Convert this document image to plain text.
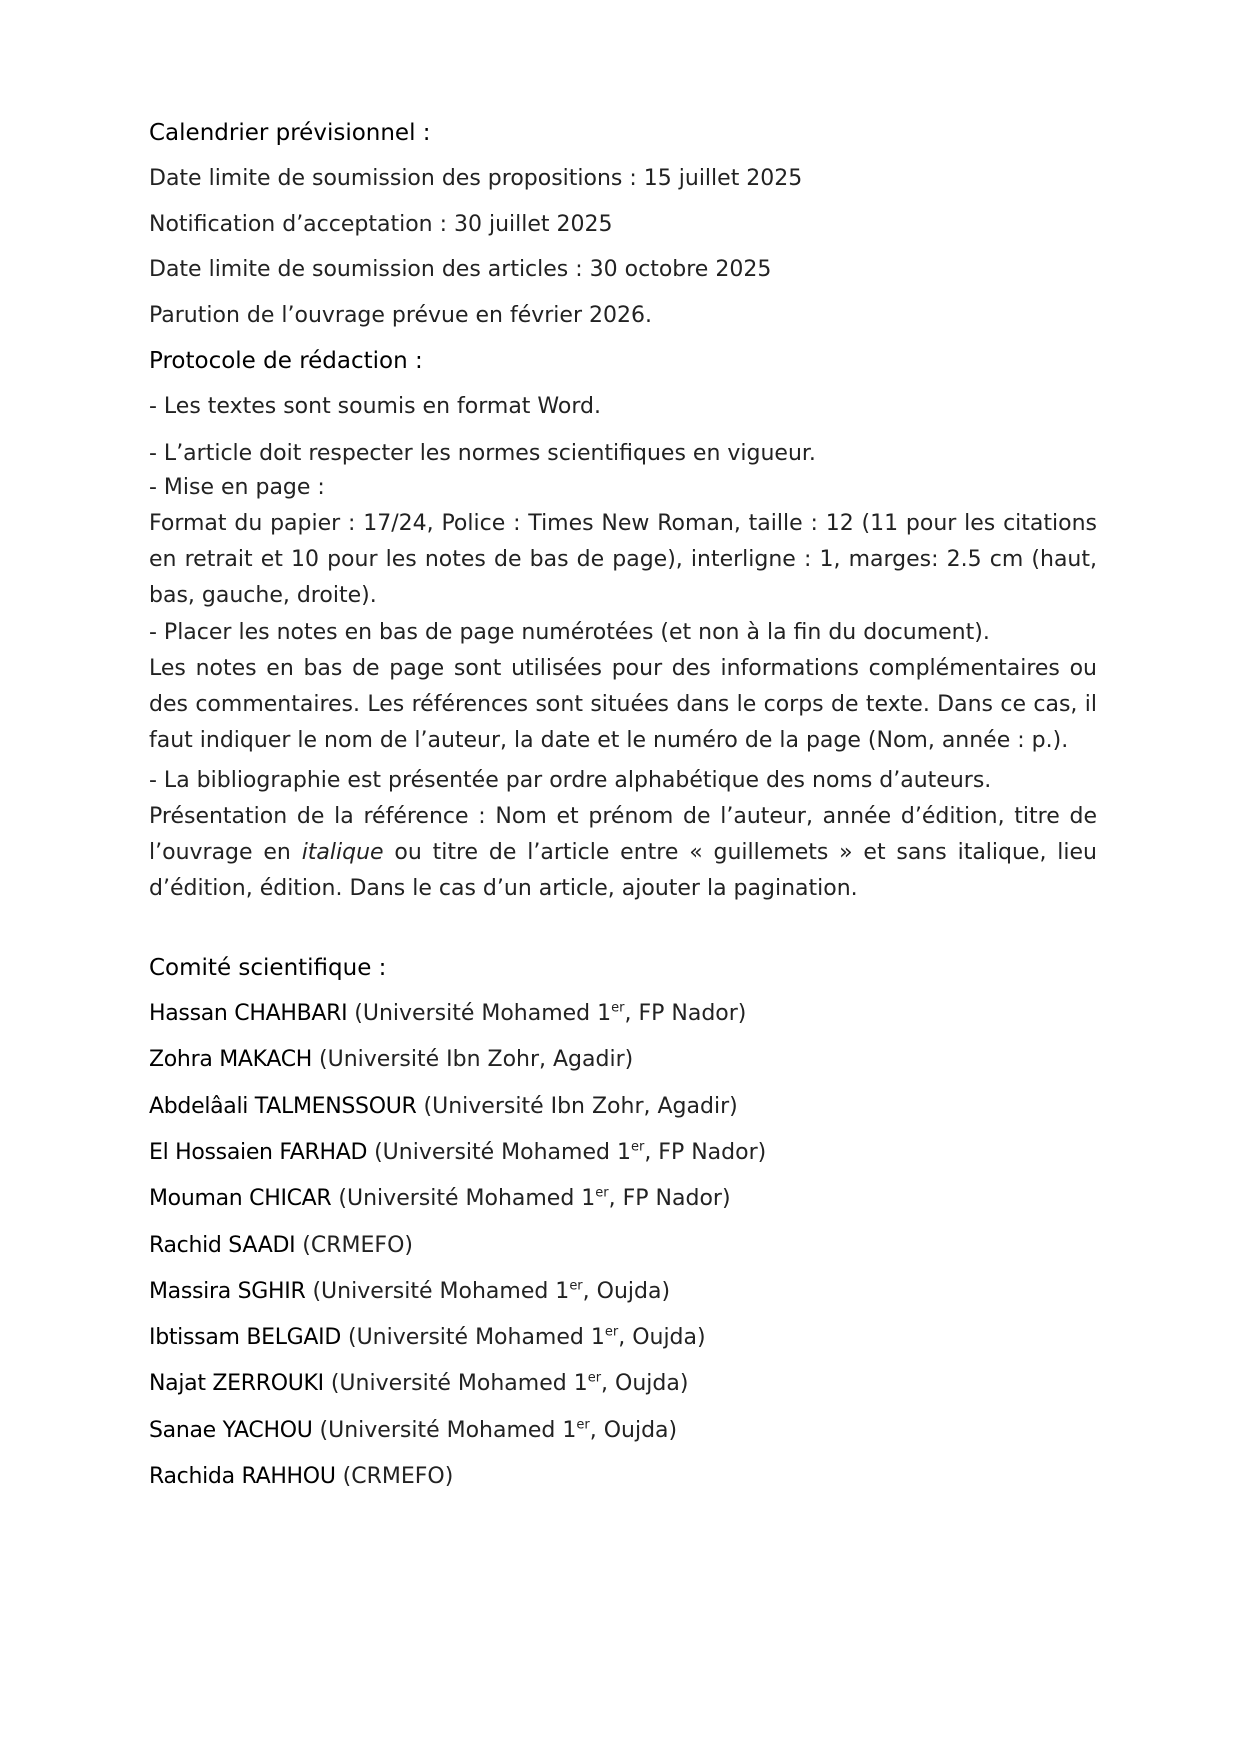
Calendrier prévisionnel :
Date limite de soumission des propositions : 15 juillet 2025
Notification d’acceptation : 30 juillet 2025
Date limite de soumission des articles : 30 octobre 2025
Parution de l’ouvrage prévue en février 2026.
Protocole de rédaction :
- Les textes sont soumis en format Word.
- L’article doit respecter les normes scientifiques en vigueur.
- Mise en page :
Format du papier : 17/24, Police : Times New Roman, taille : 12 (11 pour les citations en retrait et 10 pour les notes de bas de page), interligne : 1, marges: 2.5 cm (haut, bas, gauche, droite).
- Placer les notes en bas de page numérotées (et non à la fin du document).
Les notes en bas de page sont utilisées pour des informations complémentaires ou des commentaires. Les références sont situées dans le corps de texte. Dans ce cas, il faut indiquer le nom de l’auteur, la date et le numéro de la page (Nom, année : p.).
- La bibliographie est présentée par ordre alphabétique des noms d’auteurs.
Présentation de la référence : Nom et prénom de l’auteur, année d’édition, titre de l’ouvrage en italique ou titre de l’article entre « guillemets » et sans italique, lieu d’édition, édition. Dans le cas d’un article, ajouter la pagination.
Comité scientifique :
Hassan CHAHBARI (Université Mohamed 1er, FP Nador)
Zohra MAKACH (Université Ibn Zohr, Agadir)
Abdelâali TALMENSSOUR (Université Ibn Zohr, Agadir)
El Hossaien FARHAD (Université Mohamed 1er, FP Nador)
Mouman CHICAR (Université Mohamed 1er, FP Nador)
Rachid SAADI (CRMEFO)
Massira SGHIR (Université Mohamed 1er, Oujda)
Ibtissam BELGAID (Université Mohamed 1er, Oujda)
Najat ZERROUKI (Université Mohamed 1er, Oujda)
Sanae YACHOU (Université Mohamed 1er, Oujda)
Rachida RAHHOU (CRMEFO)
